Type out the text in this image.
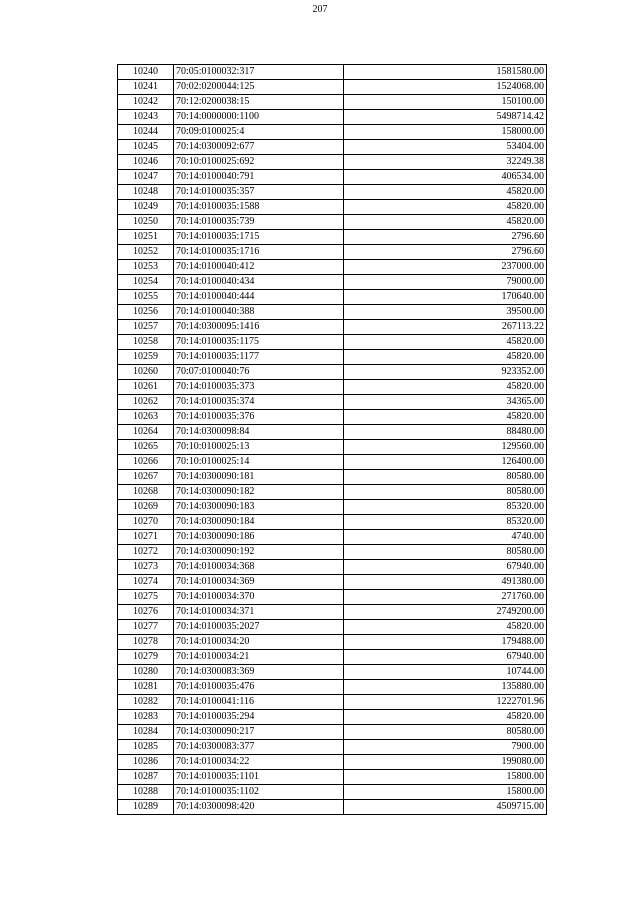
207
10240	70:05:0100032:317	1581580.00
10241	70:02:0200044:125	1524068.00
10242	70:12:0200038:15	150100.00
10243	70:14:0000000:1100	5498714.42
10244	70:09:0100025:4	158000.00
10245	70:14:0300092:677	53404.00
10246	70:10:0100025:692	32249.38
10247	70:14:0100040:791	406534.00
10248	70:14:0100035:357	45820.00
10249	70:14:0100035:1588	45820.00
10250	70:14:0100035:739	45820.00
10251	70:14:0100035:1715	2796.60
10252	70:14:0100035:1716	2796.60
10253	70:14:0100040:412	237000.00
10254	70:14:0100040:434	79000.00
10255	70:14:0100040:444	170640.00
10256	70:14:0100040:388	39500.00
10257	70:14:0300095:1416	267113.22
10258	70:14:0100035:1175	45820.00
10259	70:14:0100035:1177	45820.00
10260	70:07:0100040:76	923352.00
10261	70:14:0100035:373	45820.00
10262	70:14:0100035:374	34365.00
10263	70:14:0100035:376	45820.00
10264	70:14:0300098:84	88480.00
10265	70:10:0100025:13	129560.00
10266	70:10:0100025:14	126400.00
10267	70:14:0300090:181	80580.00
10268	70:14:0300090:182	80580.00
10269	70:14:0300090:183	85320.00
10270	70:14:0300090:184	85320.00
10271	70:14:0300090:186	4740.00
10272	70:14:0300090:192	80580.00
10273	70:14:0100034:368	67940.00
10274	70:14:0100034:369	491380.00
10275	70:14:0100034:370	271760.00
10276	70:14:0100034:371	2749200.00
10277	70:14:0100035:2027	45820.00
10278	70:14:0100034:20	179488.00
10279	70:14:0100034:21	67940.00
10280	70:14:0300083:369	10744.00
10281	70:14:0100035:476	135880.00
10282	70:14:0100041:116	1222701.96
10283	70:14:0100035:294	45820.00
10284	70:14:0300090:217	80580.00
10285	70:14:0300083:377	7900.00
10286	70:14:0100034:22	199080.00
10287	70:14:0100035:1101	15800.00
10288	70:14:0100035:1102	15800.00
10289	70:14:0300098:420	4509715.00
